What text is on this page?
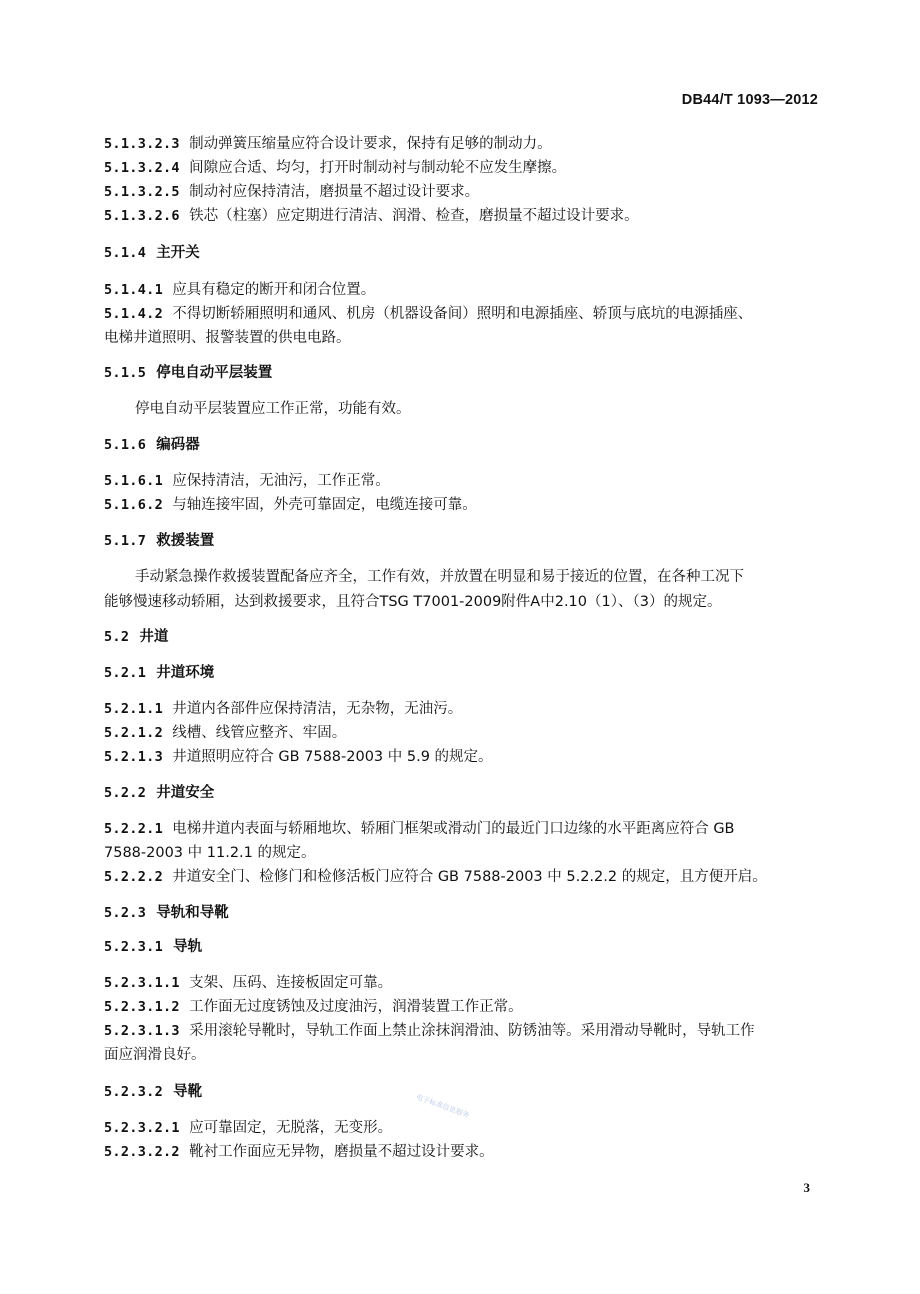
DB44/T 1093—2012
5.1.3.2.3 制动弹簧压缩量应符合设计要求，保持有足够的制动力。
5.1.3.2.4 间隙应合适、均匀，打开时制动衬与制动轮不应发生摩擦。
5.1.3.2.5 制动衬应保持清洁，磨损量不超过设计要求。
5.1.3.2.6 铁芯（柱塞）应定期进行清洁、润滑、检查，磨损量不超过设计要求。
5.1.4 主开关
5.1.4.1 应具有稳定的断开和闭合位置。
5.1.4.2 不得切断轿厢照明和通风、机房（机器设备间）照明和电源插座、轿顶与底坑的电源插座、
电梯井道照明、报警装置的供电电路。
5.1.5 停电自动平层装置
停电自动平层装置应工作正常，功能有效。
5.1.6 编码器
5.1.6.1 应保持清洁，无油污，工作正常。
5.1.6.2 与轴连接牢固，外壳可靠固定，电缆连接可靠。
5.1.7 救援装置
手动紧急操作救援装置配备应齐全，工作有效，并放置在明显和易于接近的位置，在各种工况下
能够慢速移动轿厢，达到救援要求，且符合TSG T7001-2009附件A中2.10（1）、（3）的规定。
5.2 井道
5.2.1 井道环境
5.2.1.1 井道内各部件应保持清洁，无杂物，无油污。
5.2.1.2 线槽、线管应整齐、牢固。
5.2.1.3 井道照明应符合 GB 7588-2003 中 5.9 的规定。
5.2.2 井道安全
5.2.2.1 电梯井道内表面与轿厢地坎、轿厢门框架或滑动门的最近门口边缘的水平距离应符合 GB
7588-2003 中 11.2.1 的规定。
5.2.2.2 井道安全门、检修门和检修活板门应符合 GB 7588-2003 中 5.2.2.2 的规定，且方便开启。
5.2.3 导轨和导靴
5.2.3.1 导轨
5.2.3.1.1 支架、压码、连接板固定可靠。
5.2.3.1.2 工作面无过度锈蚀及过度油污，润滑装置工作正常。
5.2.3.1.3 采用滚轮导靴时，导轨工作面上禁止涂抹润滑油、防锈油等。采用滑动导靴时，导轨工作
面应润滑良好。
5.2.3.2 导靴
5.2.3.2.1 应可靠固定，无脱落，无变形。
5.2.3.2.2 靴衬工作面应无异物，磨损量不超过设计要求。
电子标准信息服务
3
